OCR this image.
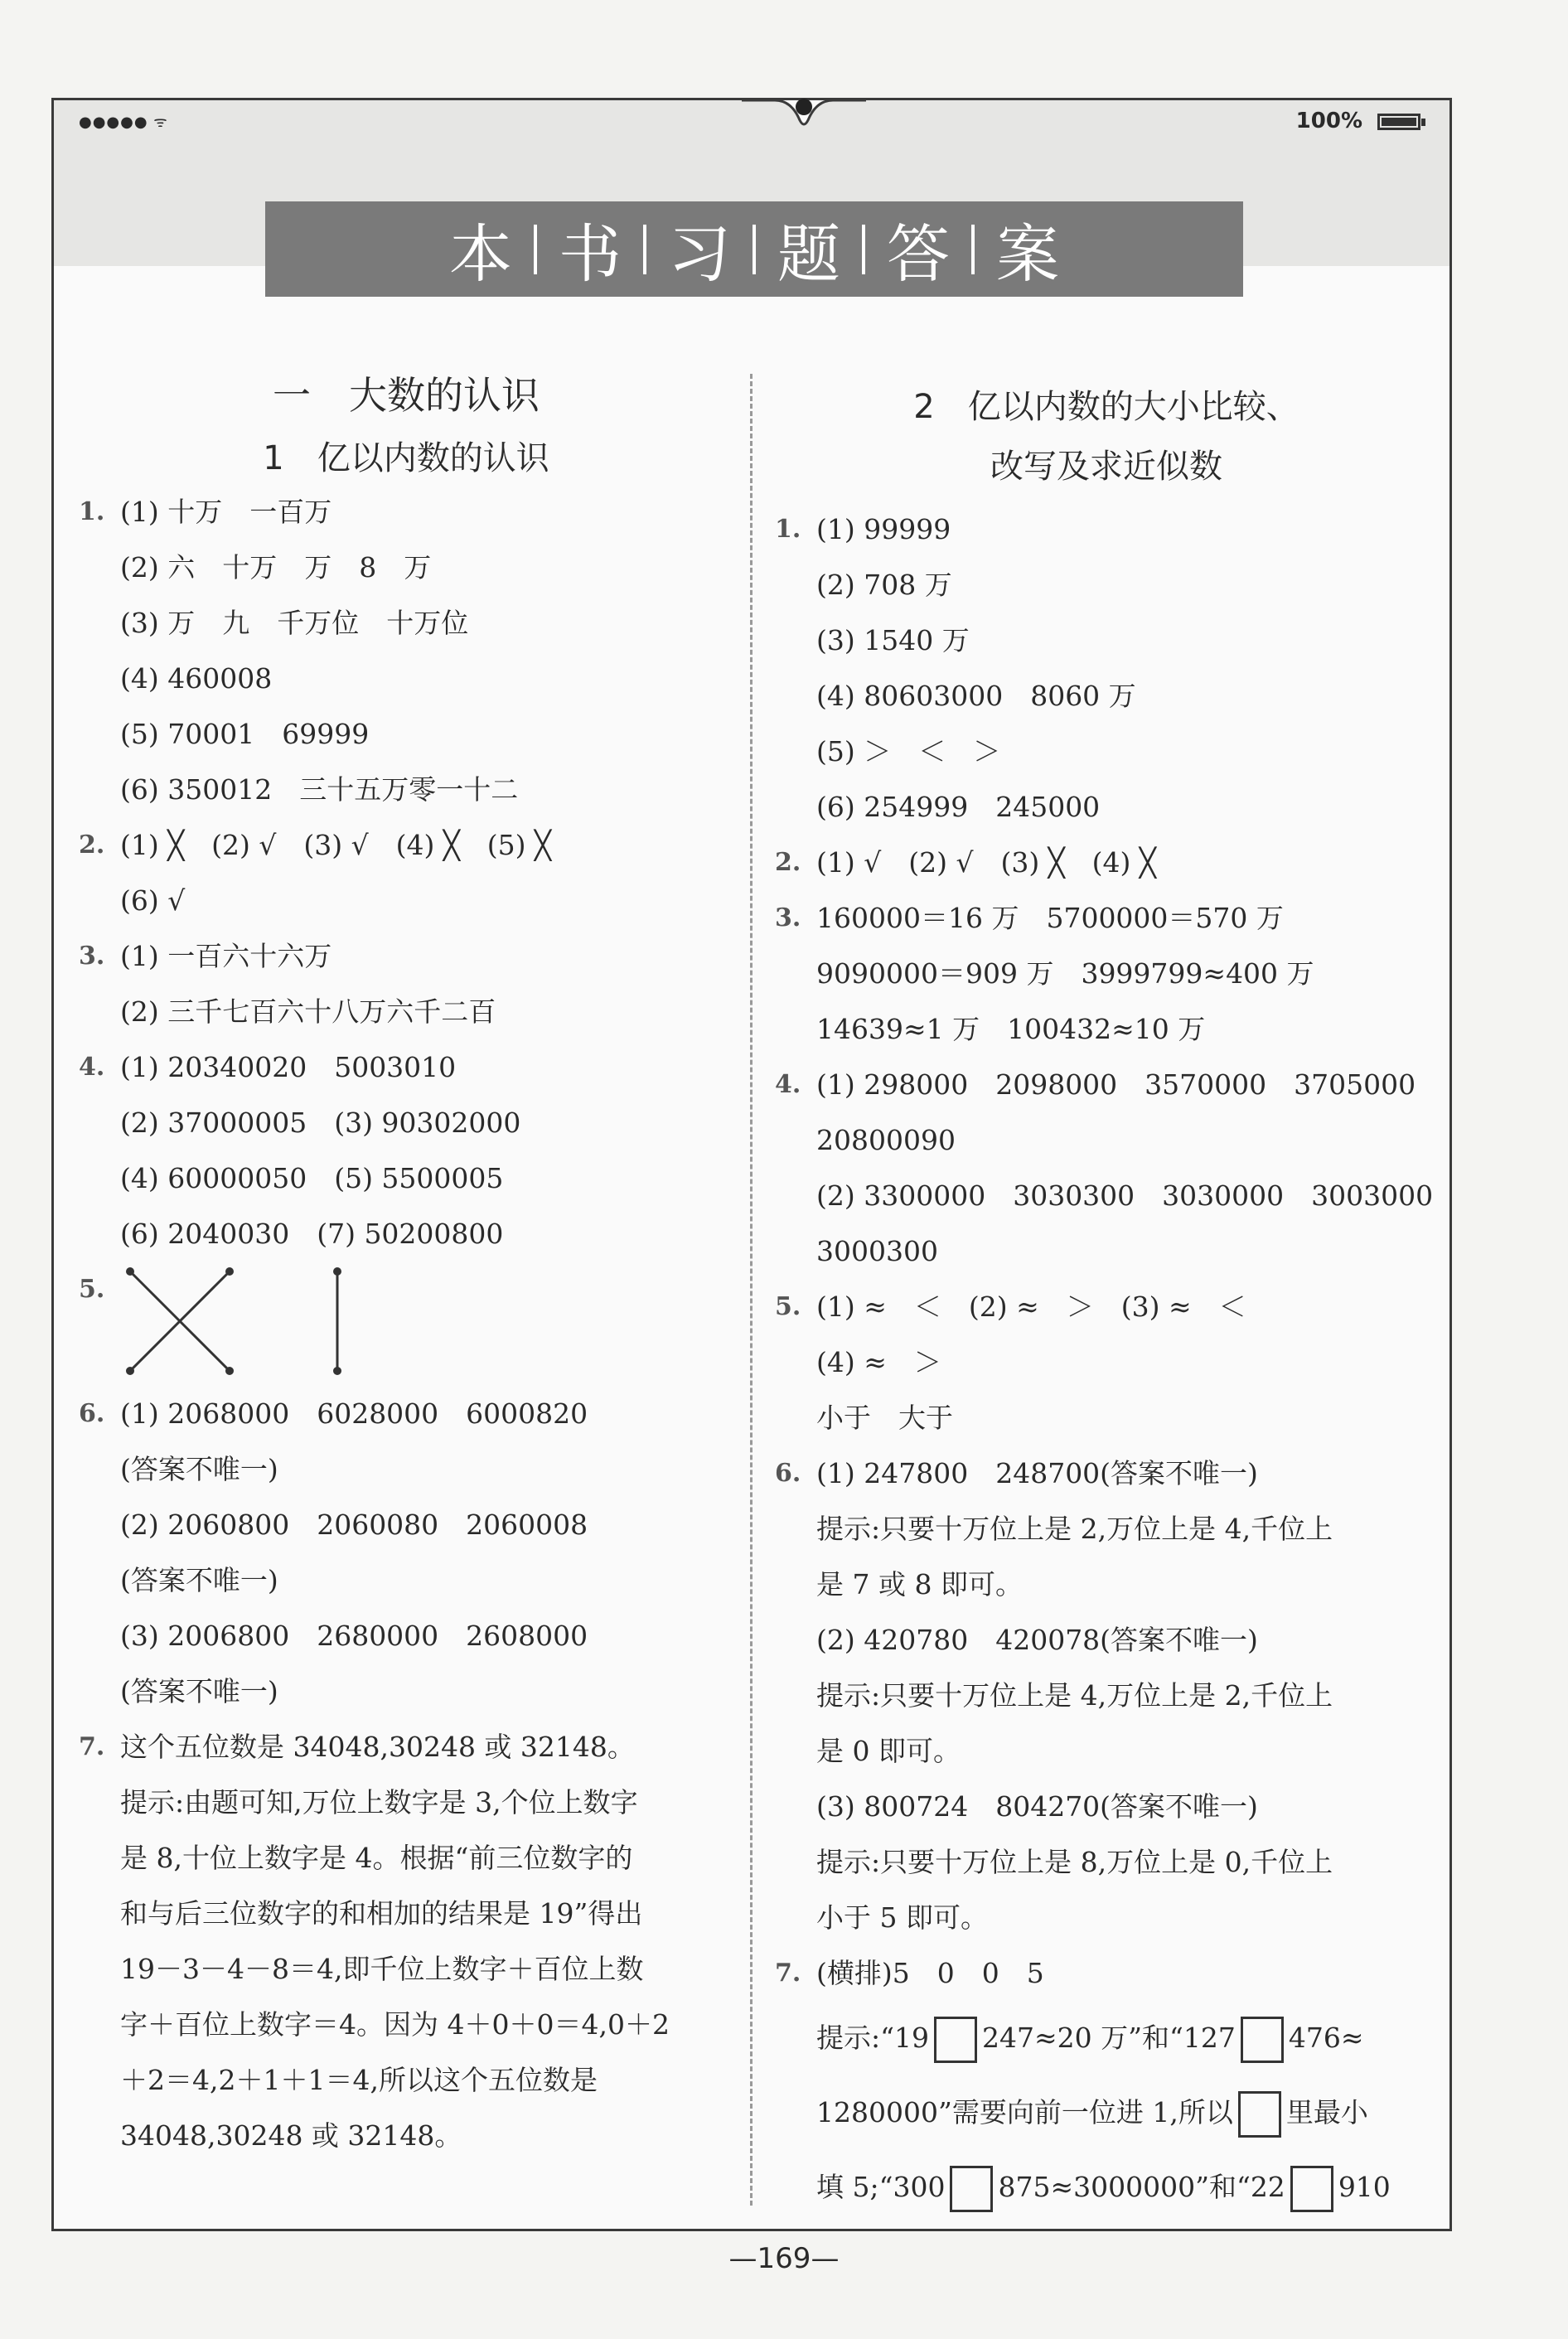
●●●●● ᯤ	100%
本 书 习 题 答 案

一　大数的认识

1　亿以内数的认识

1. (1) 十万　一百万
(2) 六　十万　万　8　万
(3) 万　九　千万位　十万位
(4) 460008
(5) 70001　69999
(6) 350012　三十五万零一十二
2. (1) ╳　(2) √　(3) √　(4) ╳　(5) ╳
(6) √
3. (1) 一百六十六万
(2) 三千七百六十八万六千二百
4. (1) 20340020　5003010
(2) 37000005　(3) 90302000
(4) 60000050　(5) 5500005
(6) 2040030　(7) 50200800
5.
6. (1) 2068000　6028000　6000820
(答案不唯一)
(2) 2060800　2060080　2060008
(答案不唯一)
(3) 2006800　2680000　2608000
(答案不唯一)
7. 这个五位数是 34048,30248 或 32148。
提示:由题可知,万位上数字是 3,个位上数字
是 8,十位上数字是 4。根据“前三位数字的
和与后三位数字的和相加的结果是 19”得出
19－3－4－8＝4,即千位上数字＋百位上数
字＋百位上数字＝4。因为 4＋0＋0＝4,0＋2
＋2＝4,2＋1＋1＝4,所以这个五位数是
34048,30248 或 32148。

2　亿以内数的大小比较、

改写及求近似数

1. (1) 99999
(2) 708 万
(3) 1540 万
(4) 80603000　8060 万
(5) ＞　＜　＞
(6) 254999　245000
2. (1) √　(2) √　(3) ╳　(4) ╳
3. 160000＝16 万　5700000＝570 万
9090000＝909 万　3999799≈400 万
14639≈1 万　100432≈10 万
4. (1) 298000　2098000　3570000　3705000
20800090
(2) 3300000　3030300　3030000　3003000
3000300
5. (1) ≈　＜　(2) ≈　＞　(3) ≈　＜
(4) ≈　＞
小于　大于
6. (1) 247800　248700(答案不唯一)
提示:只要十万位上是 2,万位上是 4,千位上
是 7 或 8 即可。
(2) 420780　420078(答案不唯一)
提示:只要十万位上是 4,万位上是 2,千位上
是 0 即可。
(3) 800724　804270(答案不唯一)
提示:只要十万位上是 8,万位上是 0,千位上
小于 5 即可。
7. (横排)5　0　0　5
提示:“19 247≈20 万”和“127 476≈
1280000”需要向前一位进 1,所以 里最小
填 5;“300 875≈3000000”和“22 910
—169—
